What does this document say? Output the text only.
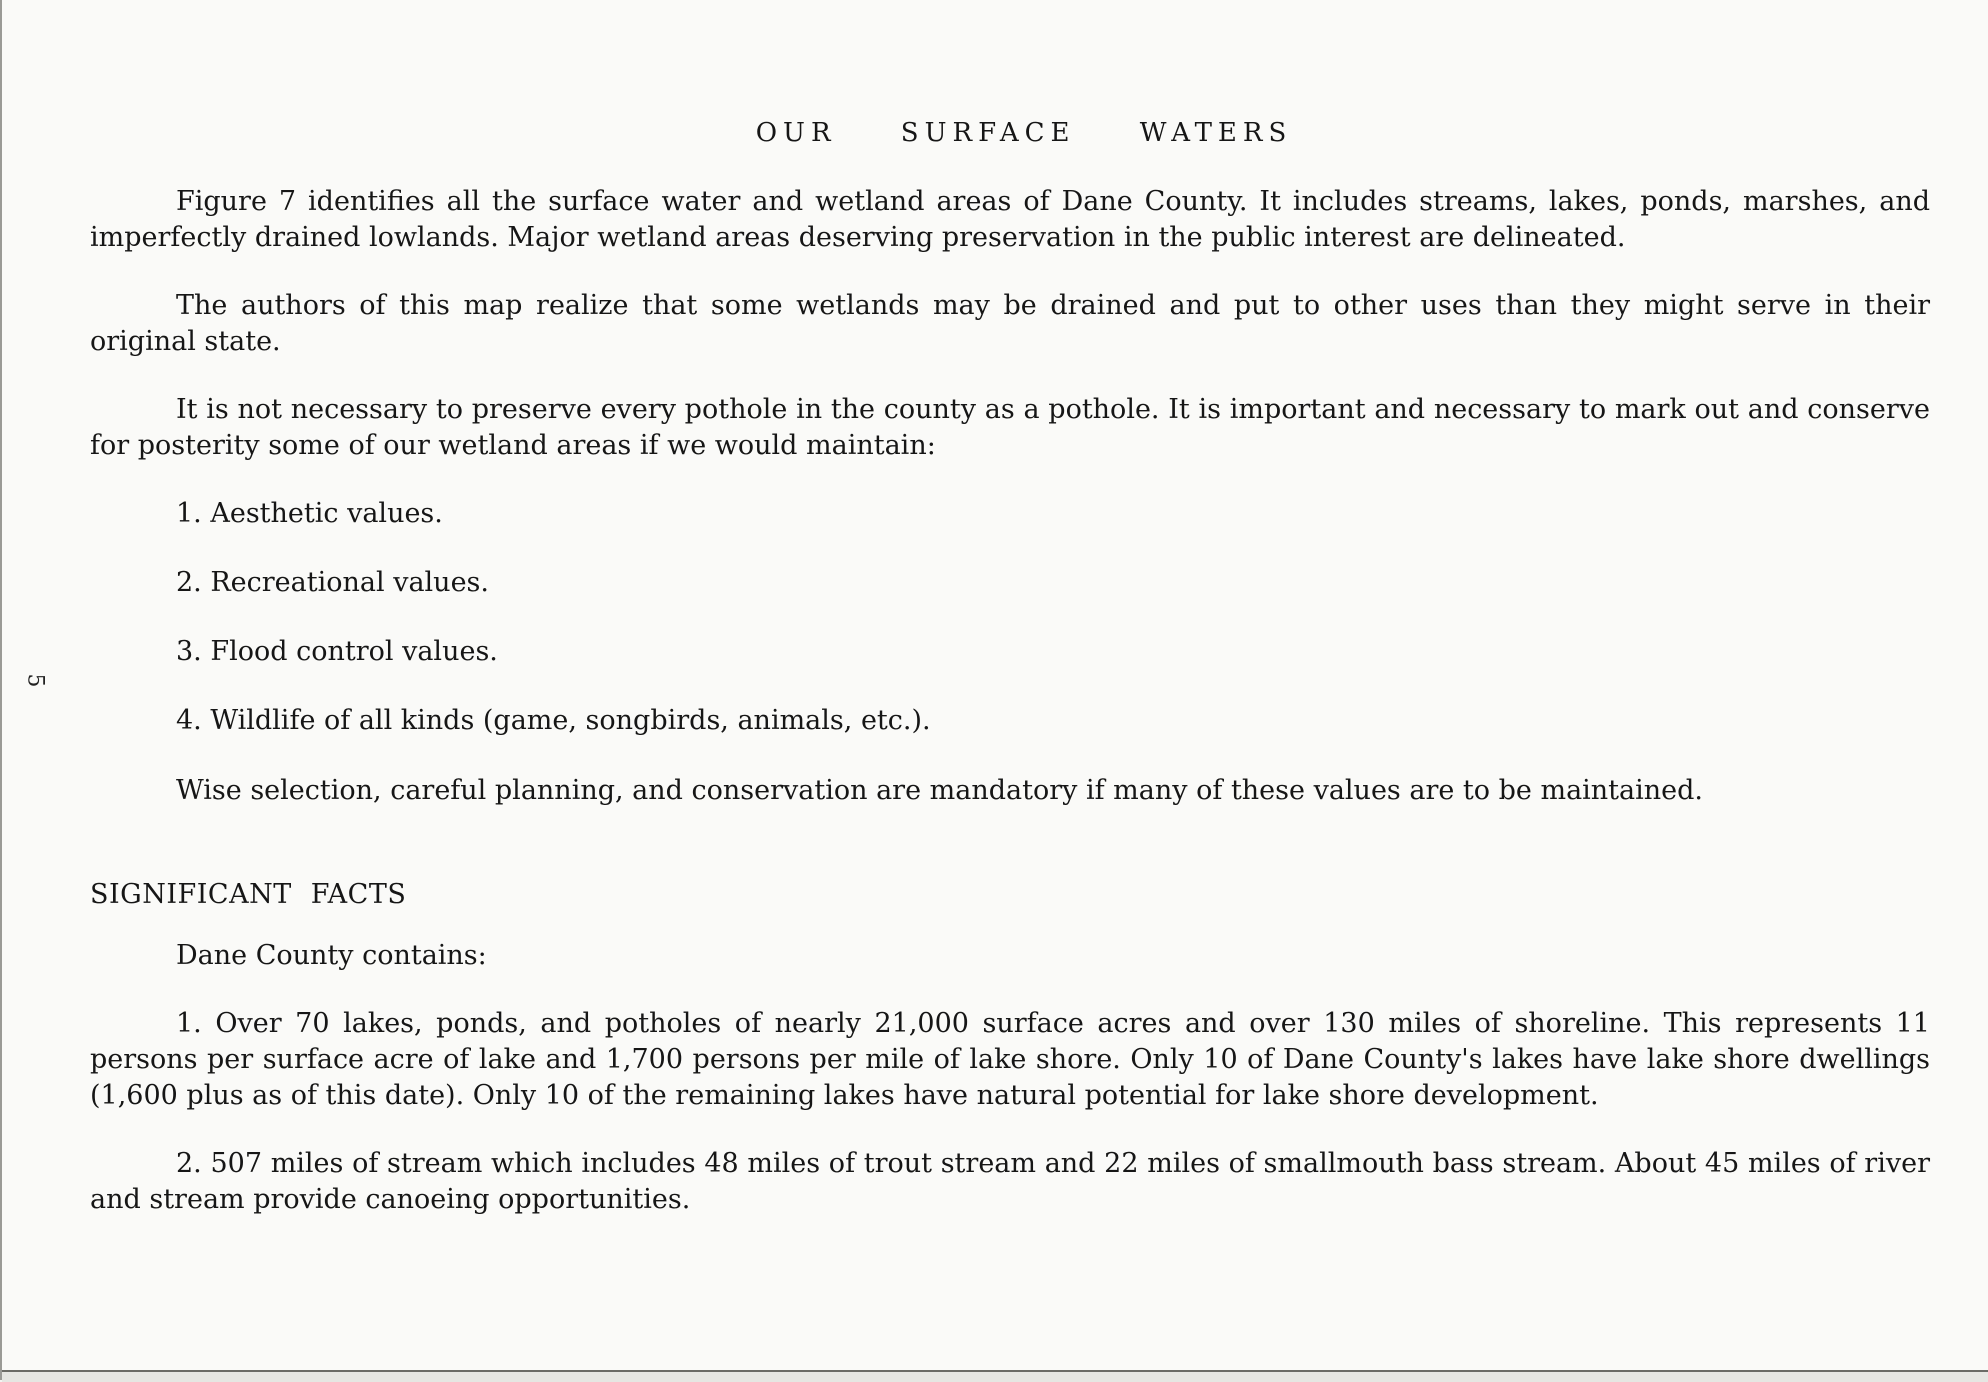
5
OUR SURFACE WATERS

Figure 7 identifies all the surface water and wetland areas of Dane County. It includes streams, lakes, ponds, marshes, and imperfectly drained lowlands. Major wetland areas deserving preservation in the public interest are delineated.

The authors of this map realize that some wetlands may be drained and put to other uses than they might serve in their original state.

It is not necessary to preserve every pothole in the county as a pothole. It is important and necessary to mark out and conserve for posterity some of our wetland areas if we would maintain:

1. Aesthetic values.
2. Recreational values.
3. Flood control values.
4. Wildlife of all kinds (game, songbirds, animals, etc.).

Wise selection, careful planning, and conservation are mandatory if many of these values are to be maintained.

SIGNIFICANT FACTS
Dane County contains:

1. Over 70 lakes, ponds, and potholes of nearly 21,000 surface acres and over 130 miles of shoreline. This represents 11 persons per surface acre of lake and 1,700 persons per mile of lake shore. Only 10 of Dane County's lakes have lake shore dwellings (1,600 plus as of this date). Only 10 of the remaining lakes have natural potential for lake shore development.

2. 507 miles of stream which includes 48 miles of trout stream and 22 miles of smallmouth bass stream. About 45 miles of river and stream provide canoeing opportunities.
